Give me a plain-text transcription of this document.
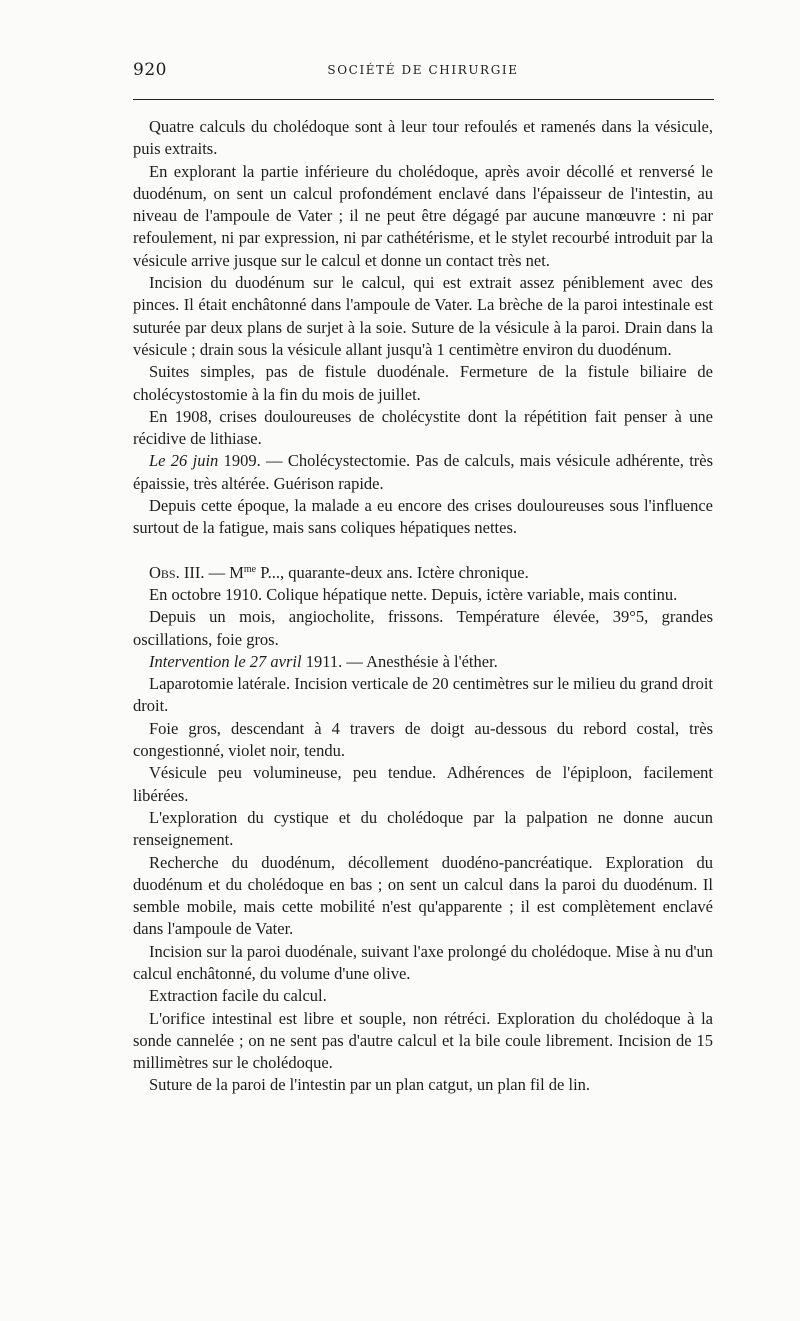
920	SOCIÉTÉ DE CHIRURGIE

Quatre calculs du cholédoque sont à leur tour refoulés et ramenés dans la vésicule, puis extraits.

En explorant la partie inférieure du cholédoque, après avoir décollé et renversé le duodénum, on sent un calcul profondément enclavé dans l'épaisseur de l'intestin, au niveau de l'ampoule de Vater ; il ne peut être dégagé par aucune manœuvre : ni par refoulement, ni par expression, ni par cathétérisme, et le stylet recourbé introduit par la vésicule arrive jusque sur le calcul et donne un contact très net.

Incision du duodénum sur le calcul, qui est extrait assez péniblement avec des pinces. Il était enchâtonné dans l'ampoule de Vater. La brèche de la paroi intestinale est suturée par deux plans de surjet à la soie. Suture de la vésicule à la paroi. Drain dans la vésicule ; drain sous la vésicule allant jusqu'à 1 centimètre environ du duodénum.

Suites simples, pas de fistule duodénale. Fermeture de la fistule biliaire de cholécystostomie à la fin du mois de juillet.

En 1908, crises douloureuses de cholécystite dont la répétition fait penser à une récidive de lithiase.

Le 26 juin 1909. — Cholécystectomie. Pas de calculs, mais vésicule adhérente, très épaissie, très altérée. Guérison rapide.

Depuis cette époque, la malade a eu encore des crises douloureuses sous l'influence surtout de la fatigue, mais sans coliques hépatiques nettes.

Obs. III. — $M^{me}$ P..., quarante-deux ans. Ictère chronique.

En octobre 1910. Colique hépatique nette. Depuis, ictère variable, mais continu.

Depuis un mois, angiocholite, frissons. Température élevée, 39°5, grandes oscillations, foie gros.

Intervention le 27 avril 1911. — Anesthésie à l'éther.

Laparotomie latérale. Incision verticale de 20 centimètres sur le milieu du grand droit droit.

Foie gros, descendant à 4 travers de doigt au-dessous du rebord costal, très congestionné, violet noir, tendu.

Vésicule peu volumineuse, peu tendue. Adhérences de l'épiploon, facilement libérées.

L'exploration du cystique et du cholédoque par la palpation ne donne aucun renseignement.

Recherche du duodénum, décollement duodéno-pancréatique. Exploration du duodénum et du cholédoque en bas ; on sent un calcul dans la paroi du duodénum. Il semble mobile, mais cette mobilité n'est qu'apparente ; il est complètement enclavé dans l'ampoule de Vater.

Incision sur la paroi duodénale, suivant l'axe prolongé du cholédoque. Mise à nu d'un calcul enchâtonné, du volume d'une olive.

Extraction facile du calcul.

L'orifice intestinal est libre et souple, non rétréci. Exploration du cholédoque à la sonde cannelée ; on ne sent pas d'autre calcul et la bile coule librement. Incision de 15 millimètres sur le cholédoque.

Suture de la paroi de l'intestin par un plan catgut, un plan fil de lin.
